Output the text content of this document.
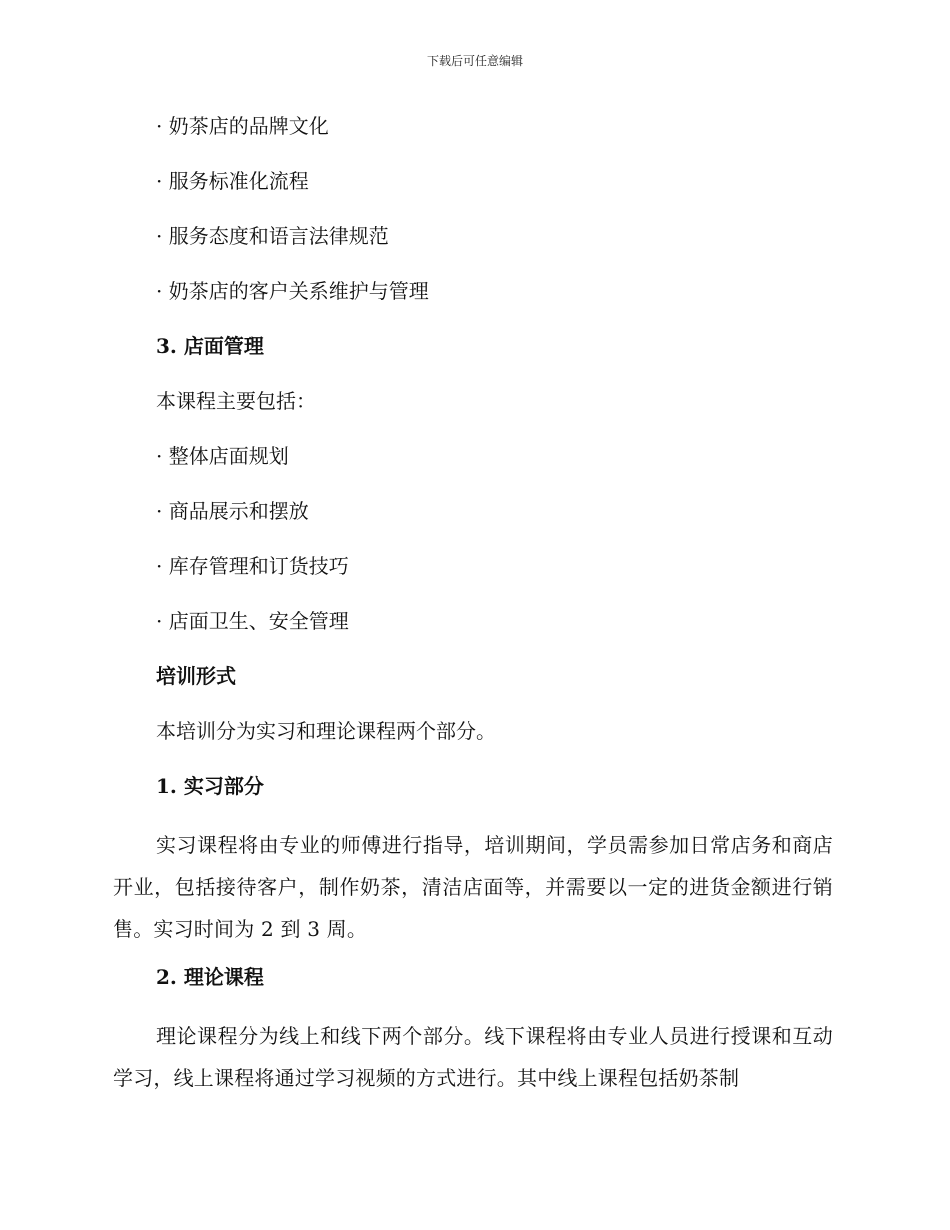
下载后可任意编辑
· 奶茶店的品牌文化
· 服务标准化流程
· 服务态度和语言法律规范
· 奶茶店的客户关系维护与管理
3. 店面管理
本课程主要包括：
· 整体店面规划
· 商品展示和摆放
· 库存管理和订货技巧
· 店面卫生、安全管理
培训形式
本培训分为实习和理论课程两个部分。
1. 实习部分
实习课程将由专业的师傅进行指导，培训期间，学员需参加日常店务和商店开业，包括接待客户，制作奶茶，清洁店面等，并需要以一定的进货金额进行销售。实习时间为 2 到 3 周。
2. 理论课程
理论课程分为线上和线下两个部分。线下课程将由专业人员进行授课和互动学习，线上课程将通过学习视频的方式进行。其中线上课程包括奶茶制
